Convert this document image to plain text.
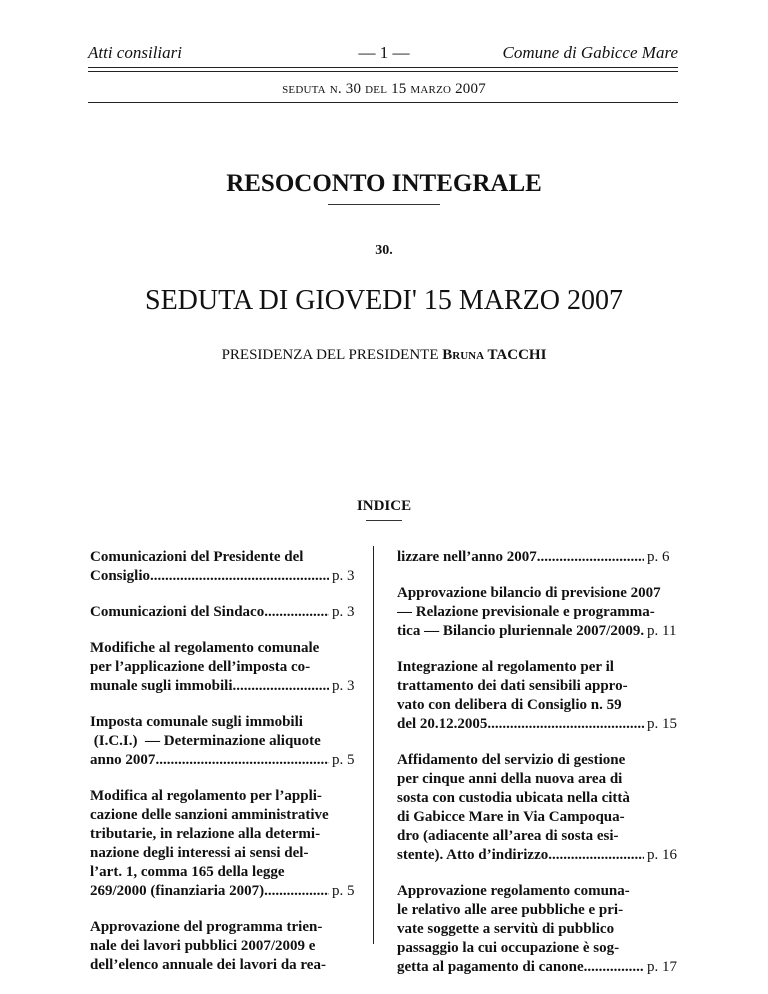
Atti consiliari	— 1 —	Comune di Gabicce Mare
seduta n. 30 del 15 marzo 2007
RESOCONTO INTEGRALE
30.
SEDUTA DI GIOVEDI' 15 MARZO 2007
PRESIDENZA DEL PRESIDENTE Bruna TACCHI
INDICE
Comunicazioni del Presidente del
Consiglio .....	p. 3
Comunicazioni del Sindaco .....	p. 3
Modifiche al regolamento comunale
per l’applicazione dell’imposta co-
munale sugli immobili .....	p. 3
Imposta comunale sugli immobili
(I.C.I.)  — Determinazione aliquote
anno 2007 .....	p. 5
Modifica al regolamento per l’appli-
cazione delle sanzioni amministrative
tributarie, in relazione alla determi-
nazione degli interessi ai sensi del-
l’art. 1, comma 165 della legge
269/2000 (finanziaria 2007) .....	p. 5
Approvazione del programma trien-
nale dei lavori pubblici 2007/2009 e
dell’elenco annuale dei lavori da rea-
lizzare nell’anno 2007 .....	p. 6
Approvazione bilancio di previsione 2007
— Relazione previsionale e programma-
tica — Bilancio pluriennale 2007/2009 ..... p. 11
Integrazione al regolamento per il
trattamento dei dati sensibili appro-
vato con delibera di Consiglio n. 59
del 20.12.2005 .....	p. 15
Affidamento del servizio di gestione
per cinque anni della nuova area di
sosta con custodia ubicata nella città
di Gabicce Mare in Via Campoqua-
dro (adiacente all’area di sosta esi-
stente). Atto d’indirizzo .....	p. 16
Approvazione regolamento comuna-
le relativo alle aree pubbliche e pri-
vate soggette a servitù di pubblico
passaggio la cui occupazione è sog-
getta al pagamento di canone .....	p. 17
